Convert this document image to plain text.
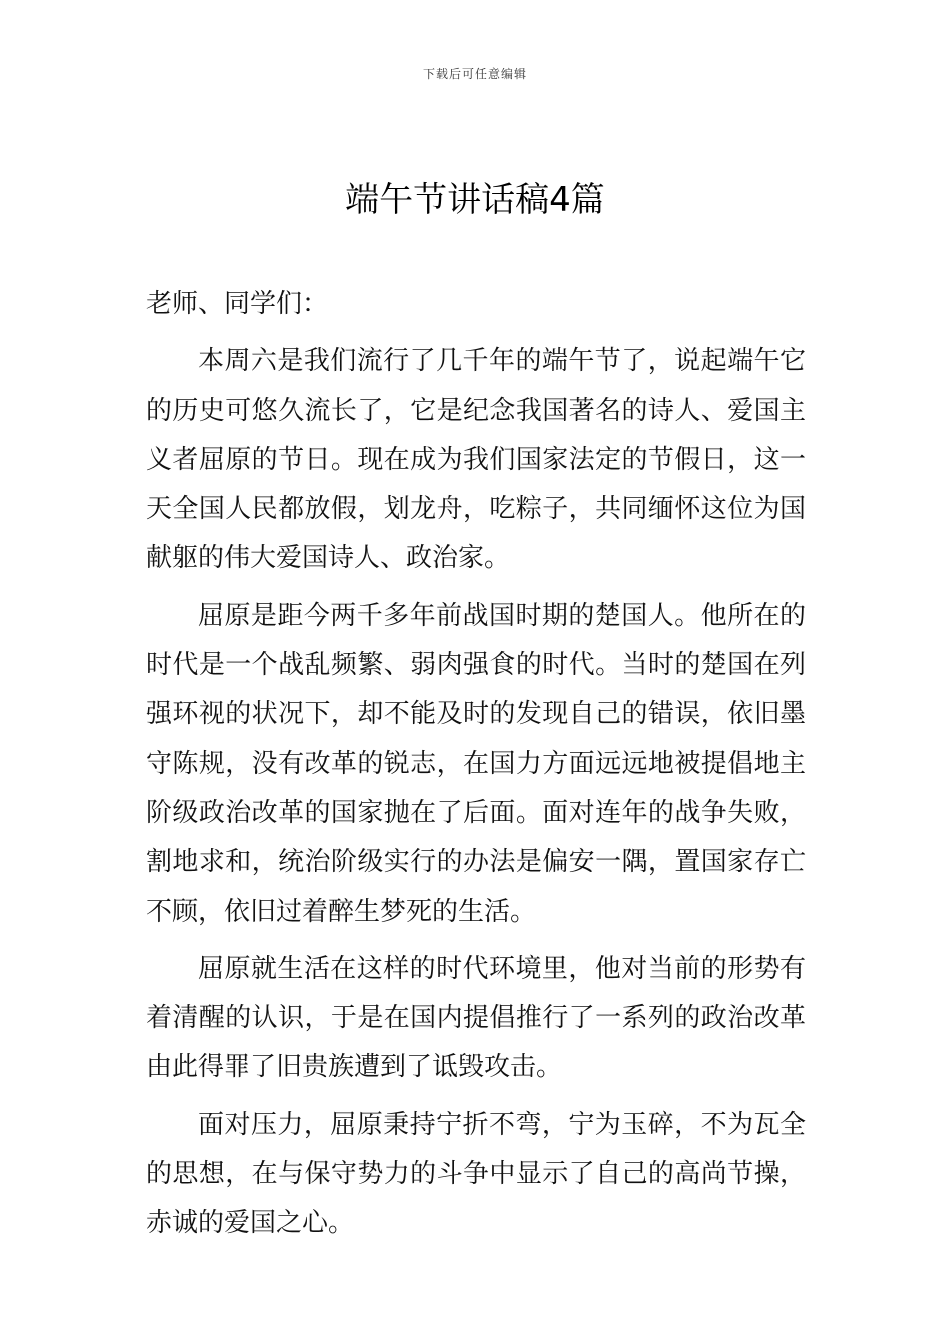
下载后可任意编辑
端午节讲话稿4篇

老师、同学们：

本周六是我们流行了几千年的端午节了，说起端午它的历史可悠久流长了，它是纪念我国著名的诗人、爱国主义者屈原的节日。现在成为我们国家法定的节假日，这一天全国人民都放假，划龙舟，吃粽子，共同缅怀这位为国献躯的伟大爱国诗人、政治家。

屈原是距今两千多年前战国时期的楚国人。他所在的时代是一个战乱频繁、弱肉强食的时代。当时的楚国在列强环视的状况下，却不能及时的发现自己的错误，依旧墨守陈规，没有改革的锐志，在国力方面远远地被提倡地主阶级政治改革的国家抛在了后面。面对连年的战争失败，割地求和，统治阶级实行的办法是偏安一隅，置国家存亡不顾，依旧过着醉生梦死的生活。

屈原就生活在这样的时代环境里，他对当前的形势有着清醒的认识，于是在国内提倡推行了一系列的政治改革由此得罪了旧贵族遭到了诋毁攻击。

面对压力，屈原秉持宁折不弯，宁为玉碎，不为瓦全的思想，在与保守势力的斗争中显示了自己的高尚节操，赤诚的爱国之心。
